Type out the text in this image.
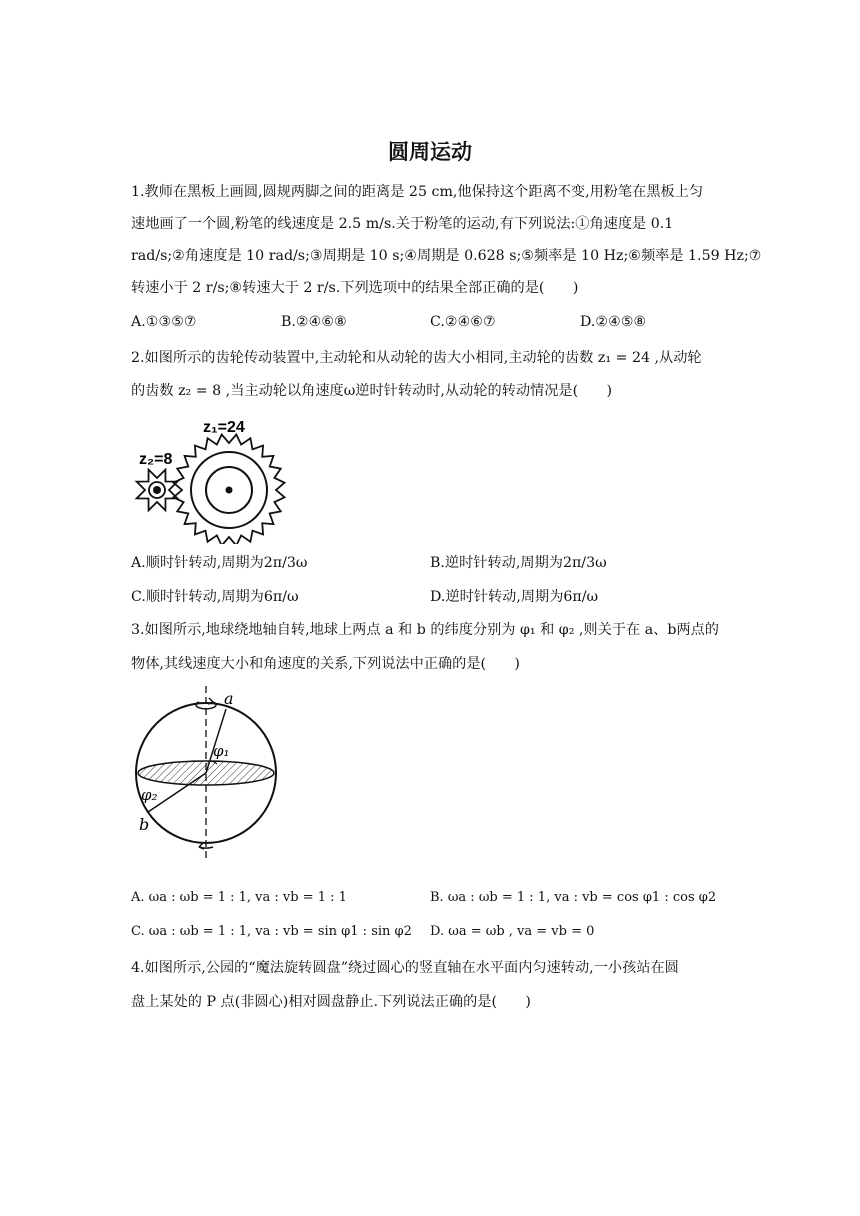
圆周运动
1.教师在黑板上画圆,圆规两脚之间的距离是 25 cm,他保持这个距离不变,用粉笔在黑板上匀
速地画了一个圆,粉笔的线速度是 2.5 m/s.关于粉笔的运动,有下列说法:①角速度是 0.1
rad/s;②角速度是 10 rad/s;③周期是 10 s;④周期是 0.628 s;⑤频率是 10 Hz;⑥频率是 1.59 Hz;⑦
转速小于 2 r/s;⑧转速大于 2 r/s.下列选项中的结果全部正确的是(　　)
A.①③⑤⑦	B.②④⑥⑧	C.②④⑥⑦	D.②④⑤⑧
2.如图所示的齿轮传动装置中,主动轮和从动轮的齿大小相同,主动轮的齿数 z₁ = 24 ,从动轮
的齿数 z₂ = 8 ,当主动轮以角速度ω逆时针转动时,从动轮的转动情况是(　　)
z₁=24
z₂=8
A.顺时针转动,周期为2π/3ω	B.逆时针转动,周期为2π/3ω
C.顺时针转动,周期为6π/ω	D.逆时针转动,周期为6π/ω
3.如图所示,地球绕地轴自转,地球上两点 a 和 b 的纬度分别为 φ₁ 和 φ₂ ,则关于在 a、b两点的
物体,其线速度大小和角速度的关系,下列说法中正确的是(　　)
a
b
φ₁
φ₂
A. ωa : ωb = 1 : 1, va : vb = 1 : 1	B. ωa : ωb = 1 : 1, va : vb = cos φ1 : cos φ2
C. ωa : ωb = 1 : 1, va : vb = sin φ1 : sin φ2 D. ωa = ωb , va = vb = 0
4.如图所示,公园的“魔法旋转圆盘”绕过圆心的竖直轴在水平面内匀速转动,一小孩站在圆
盘上某处的 P 点(非圆心)相对圆盘静止.下列说法正确的是(　　)
